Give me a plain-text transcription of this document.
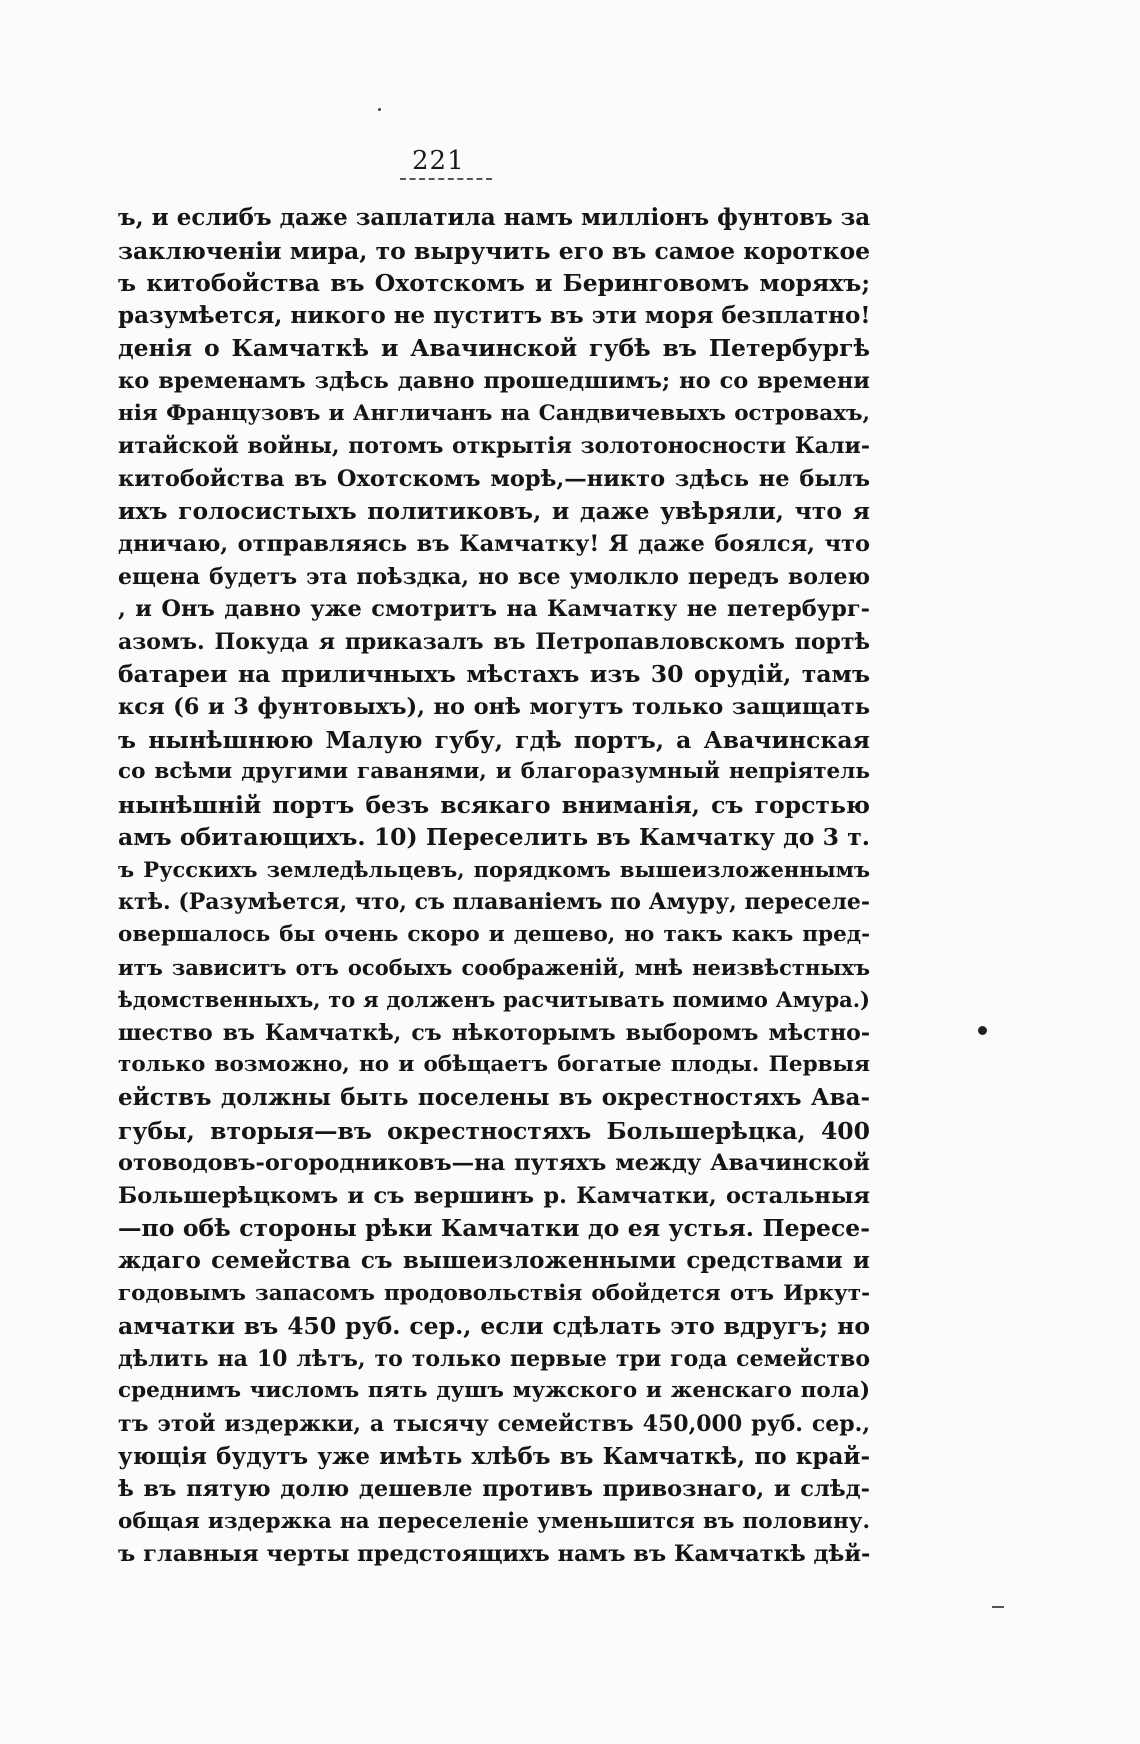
221
ъ, и еслибъ даже заплатила намъ милліонъ фунтовъ за
заключеніи мира, то выручить его въ самое короткое
ъ китобойства въ Охотскомъ и Беринговомъ моряхъ;
разумѣется, никого не пуститъ въ эти моря безплатно!
денія о Камчаткѣ и Авачинской губѣ въ Петербургѣ
ко временамъ здѣсь давно прошедшимъ; но со времени
нія Французовъ и Англичанъ на Сандвичевыхъ островахъ,
итайской войны, потомъ открытія золотоносности Кали-
китобойства въ Охотскомъ морѣ,—никто здѣсь не былъ
ихъ голосистыхъ политиковъ, и даже увѣряли, что я
дничаю, отправляясь въ Камчатку! Я даже боялся, что
ещена будетъ эта поѣздка, но все умолкло передъ волею
, и Онъ давно уже смотритъ на Камчатку не петербург-
азомъ. Покуда я приказалъ въ Петропавловскомъ портѣ
батареи на приличныхъ мѣстахъ изъ 30 орудій, тамъ
кся (6 и 3 фунтовыхъ), но онѣ могутъ только защищать
ъ нынѣшнюю Малую губу, гдѣ портъ, а Авачинская
со всѣми другими гаванями, и благоразумный непріятель
нынѣшній портъ безъ всякаго вниманія, съ горстью
амъ обитающихъ. 10) Переселить въ Камчатку до 3 т.
ъ Русскихъ земледѣльцевъ, порядкомъ вышеизложеннымъ
ктѣ. (Разумѣется, что, съ плаваніемъ по Амуру, переселе-
овершалось бы очень скоро и дешево, но такъ какъ пред-
итъ зависитъ отъ особыхъ соображеній, мнѣ неизвѣстныхъ
ѣдомственныхъ, то я долженъ расчитывать помимо Амура.)
шество въ Камчаткѣ, съ нѣкоторымъ выборомъ мѣстно-
только возможно, но и обѣщаетъ богатые плоды. Первыя
ействъ должны быть поселены въ окрестностяхъ Ава-
губы, вторыя—въ окрестностяхъ Большерѣцка, 400
отоводовъ-огородниковъ—на путяхъ между Авачинской
Большерѣцкомъ и съ вершинъ р. Камчатки, остальныя
—по обѣ стороны рѣки Камчатки до ея устья. Пересе-
ждаго семейства съ вышеизложенными средствами и
годовымъ запасомъ продовольствія обойдется отъ Иркут-
амчатки въ 450 руб. сер., если сдѣлать это вдругъ; но
дѣлить на 10 лѣтъ, то только первые три года семейство
среднимъ числомъ пять душъ мужского и женскаго пола)
тъ этой издержки, а тысячу семействъ 450,000 руб. сер.,
ующія будутъ уже имѣть хлѣбъ въ Камчаткѣ, по край-
ѣ въ пятую долю дешевле противъ привознаго, и слѣд-
общая издержка на переселеніе уменьшится въ половину.
ъ главныя черты предстоящихъ намъ въ Камчаткѣ дѣй-
